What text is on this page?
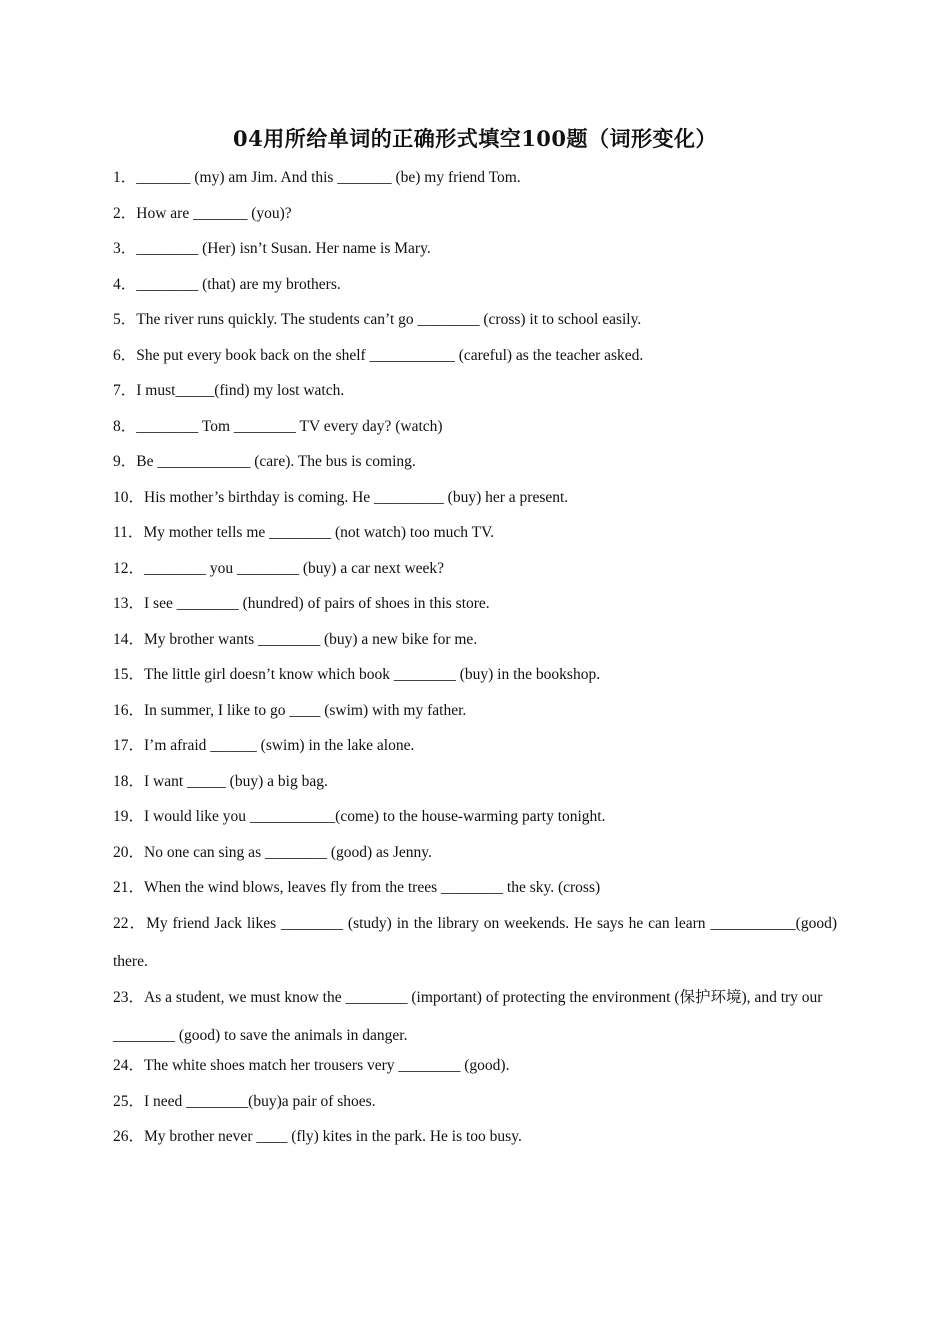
04用所给单词的正确形式填空100题（词形变化）

1．_______ (my) am Jim. And this _______ (be) my friend Tom.

2．How are _______ (you)?

3．________ (Her) isn’t Susan. Her name is Mary.

4．________ (that) are my brothers.

5．The river runs quickly. The students can’t go ________ (cross) it to school easily.

6．She put every book back on the shelf ___________ (careful) as the teacher asked.

7．I must_____(find) my lost watch.

8．________ Tom ________ TV every day? (watch)

9．Be ____________ (care). The bus is coming.

10．His mother’s birthday is coming. He _________ (buy) her a present.

11．My mother tells me ________ (not watch) too much TV.

12．________ you ________ (buy) a car next week?

13．I see ________ (hundred) of pairs of shoes in this store.

14．My brother wants ________ (buy) a new bike for me.

15．The little girl doesn’t know which book ________ (buy) in the bookshop.

16．In summer, I like to go ____ (swim) with my father.

17．I’m afraid ______ (swim) in the lake alone.

18．I want _____ (buy) a big bag.

19．I would like you ___________(come) to the house-warming party tonight.

20．No one can sing as ________ (good) as Jenny.

21．When the wind blows, leaves fly from the trees ________ the sky. (cross)

22．My friend Jack likes ________ (study) in the library on weekends. He says he can learn ___________(good) there.

23．As a student, we must know the ________ (important) of protecting the environment (保护环境), and try our ________ (good) to save the animals in danger.

24．The white shoes match her trousers very ________ (good).

25．I need ________(buy)a pair of shoes.

26．My brother never ____ (fly) kites in the park. He is too busy.
